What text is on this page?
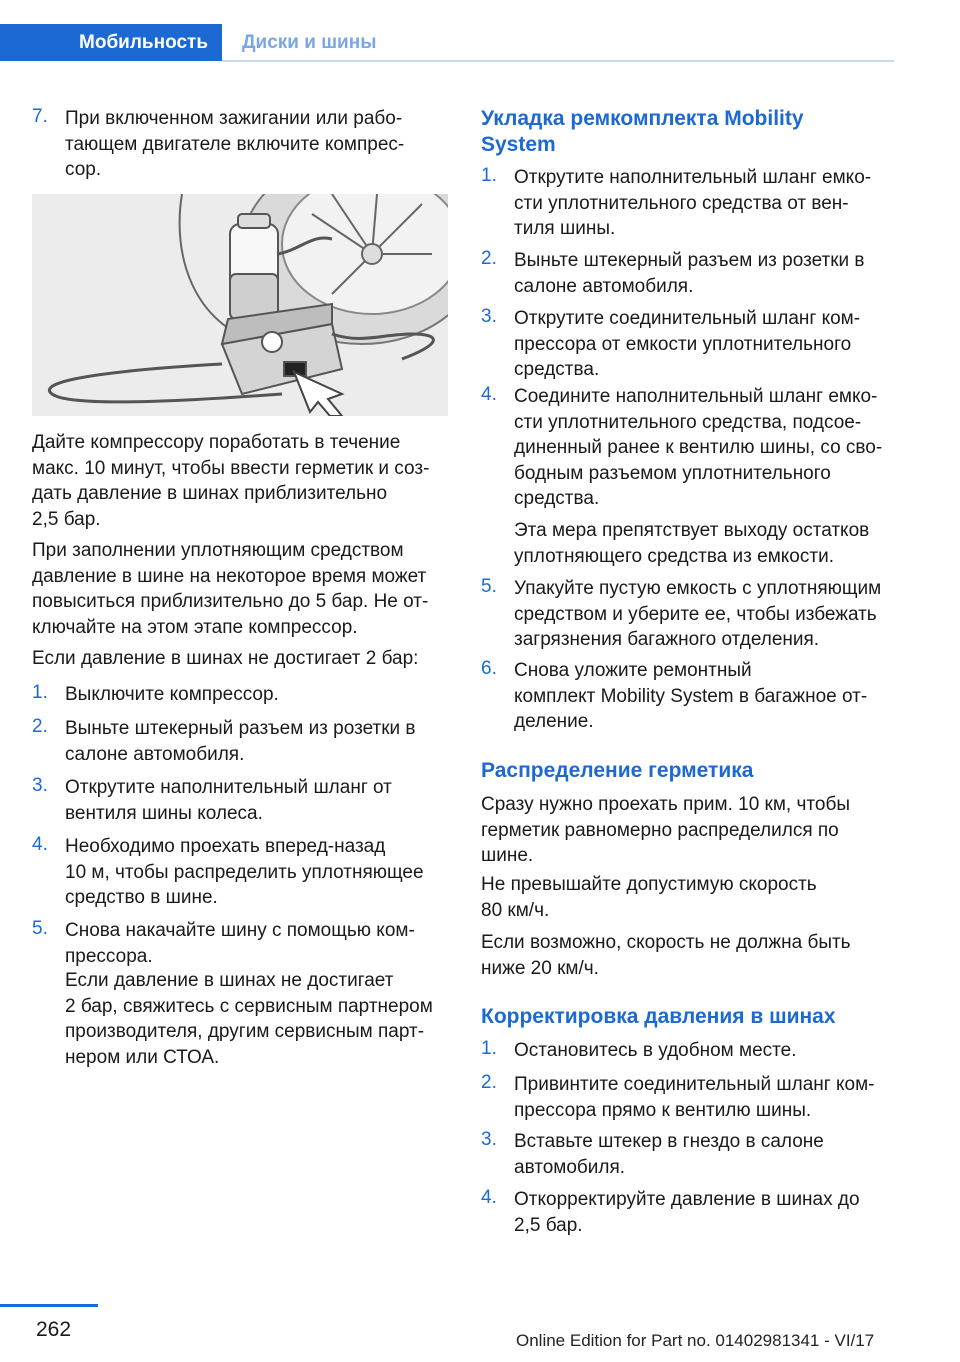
Мобильность	Диски и шины
7. При включенном зажигании или рабо‐

тающем двигателе включите компрес‐

сор.

Дайте компрессору поработать в течение

макс. 10 минут, чтобы ввести герметик и соз‐

дать давление в шинах приблизительно

2,5 бар.

При заполнении уплотняющим средством

давление в шине на некоторое время может

повыситься приблизительно до 5 бар. Не от‐

ключайте на этом этапе компрессор.

Если давление в шинах не достигает 2 бар:

1. Выключите компрессор.

2. Выньте штекерный разъем из розетки в

салоне автомобиля.

3. Открутите наполнительный шланг от

вентиля шины колеса.

4. Необходимо проехать вперед-назад

10 м, чтобы распределить уплотняющее

средство в шине.

5. Снова накачайте шину с помощью ком‐

прессора.

Если давление в шинах не достигает

2 бар, свяжитесь с сервисным партнером

производителя, другим сервисным парт‐

нером или СТОА.

Укладка ремкомплекта Mobility
System
1. Открутите наполнительный шланг емко‐

сти уплотнительного средства от вен‐

тиля шины.

2. Выньте штекерный разъем из розетки в

салоне автомобиля.

3. Открутите соединительный шланг ком‐

прессора от емкости уплотнительного

средства.

4. Соедините наполнительный шланг емко‐

сти уплотнительного средства, подсое‐

диненный ранее к вентилю шины, со сво‐

бодным разъемом уплотнительного

средства.

Эта мера препятствует выходу остатков

уплотняющего средства из емкости.

5. Упакуйте пустую емкость с уплотняющим

средством и уберите ее, чтобы избежать

загрязнения багажного отделения.

6. Снова уложите ремонтный

комплект Mobility System в багажное от‐

деление.

Распределение герметика

Сразу нужно проехать прим. 10 км, чтобы

герметик равномерно распределился по

шине.

Не превышайте допустимую скорость

80 км/ч.

Если возможно, скорость не должна быть

ниже 20 км/ч.

Корректировка давления в шинах
1. Остановитесь в удобном месте.

2. Привинтите соединительный шланг ком‐

прессора прямо к вентилю шины.

3. Вставьте штекер в гнездо в салоне

автомобиля.

4. Откорректируйте давление в шинах до

2,5 бар.

262	Online Edition for Part no. 01402981341 - VI/17
